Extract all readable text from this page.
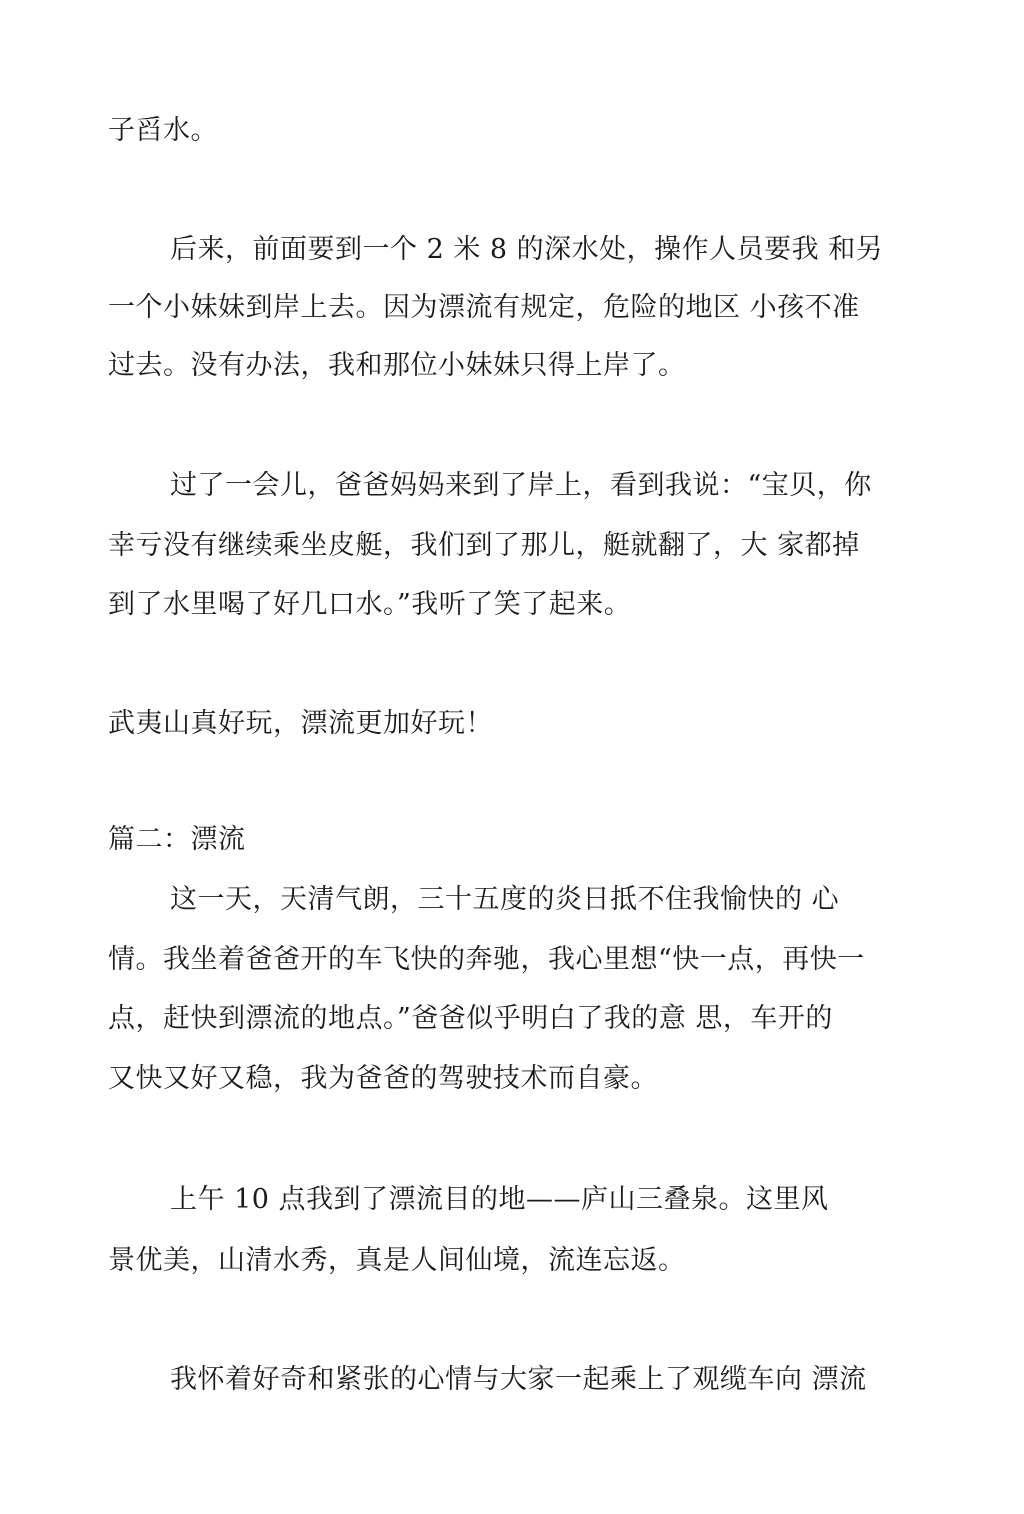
子舀水。
后来，前面要到一个 2 米 8 的深水处，操作人员要我 和另
一个小妹妹到岸上去。因为漂流有规定，危险的地区 小孩不准
过去。没有办法，我和那位小妹妹只得上岸了。
过了一会儿，爸爸妈妈来到了岸上，看到我说：“宝贝，你
幸亏没有继续乘坐皮艇，我们到了那儿，艇就翻了，大 家都掉
到了水里喝了好几口水。”我听了笑了起来。
武夷山真好玩，漂流更加好玩！
篇二：漂流
这一天，天清气朗，三十五度的炎日抵不住我愉快的 心
情。我坐着爸爸开的车飞快的奔驰，我心里想“快一点，再快一
点，赶快到漂流的地点。”爸爸似乎明白了我的意 思，车开的
又快又好又稳，我为爸爸的驾驶技术而自豪。
上午 10 点我到了漂流目的地——庐山三叠泉。这里风
景优美，山清水秀，真是人间仙境，流连忘返。
我怀着好奇和紧张的心情与大家一起乘上了观缆车向 漂流
